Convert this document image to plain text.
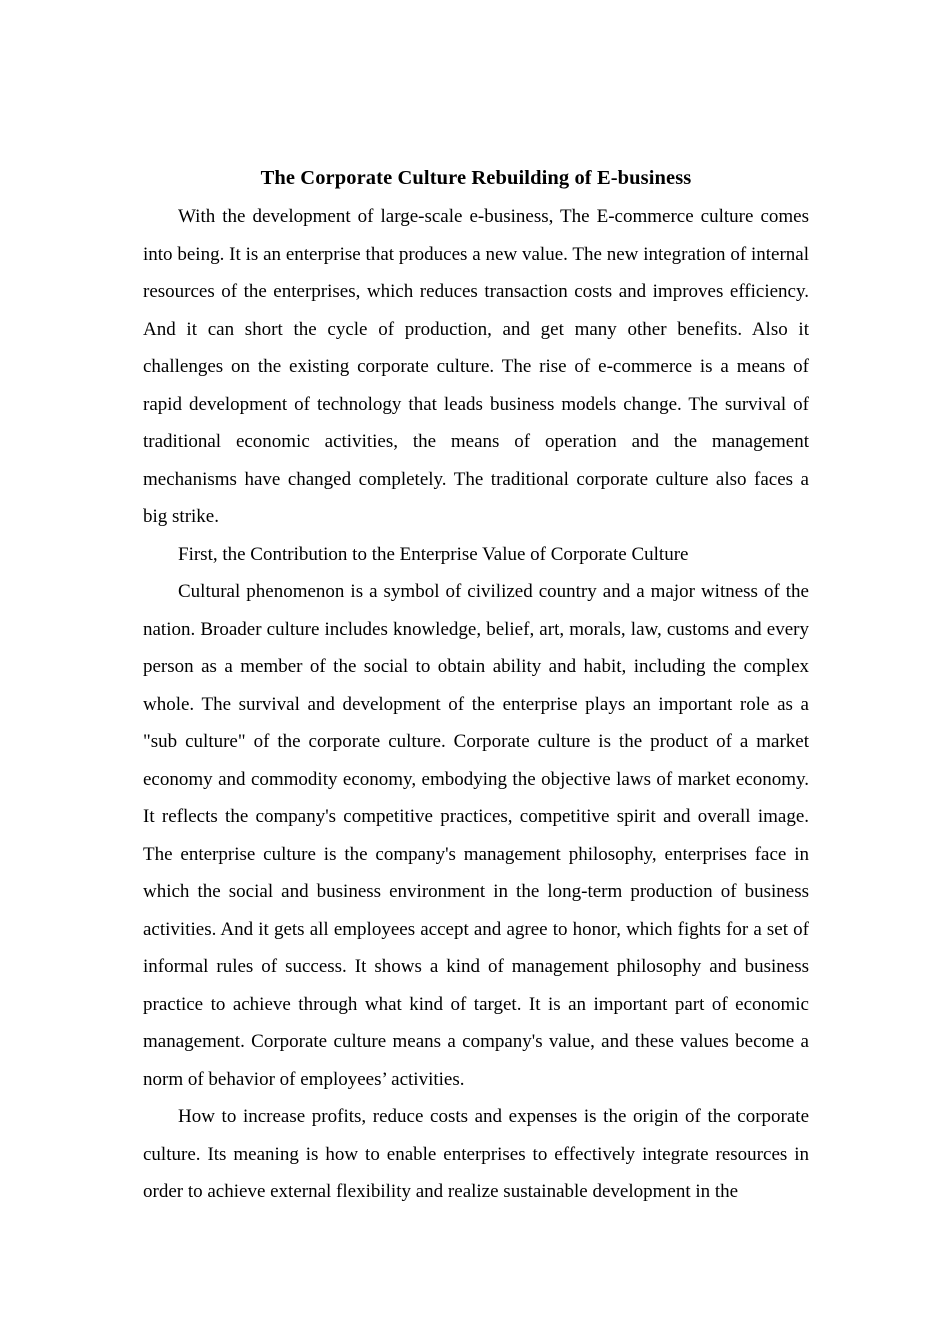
The Corporate Culture Rebuilding of E-business

With the development of large-scale e-business, The E-commerce culture comes into being. It is an enterprise that produces a new value. The new integration of internal resources of the enterprises, which reduces transaction costs and improves efficiency. And it can short the cycle of production, and get many other benefits. Also it challenges on the existing corporate culture. The rise of e-commerce is a means of rapid development of technology that leads business models change. The survival of traditional economic activities, the means of operation and the management mechanisms have changed completely. The traditional corporate culture also faces a big strike.

First, the Contribution to the Enterprise Value of Corporate Culture

Cultural phenomenon is a symbol of civilized country and a major witness of the nation. Broader culture includes knowledge, belief, art, morals, law, customs and every person as a member of the social to obtain ability and habit, including the complex whole. The survival and development of the enterprise plays an important role as a "sub culture" of the corporate culture. Corporate culture is the product of a market economy and commodity economy, embodying the objective laws of market economy. It reflects the company's competitive practices, competitive spirit and overall image. The enterprise culture is the company's management philosophy, enterprises face in which the social and business environment in the long-term production of business activities. And it gets all employees accept and agree to honor, which fights for a set of informal rules of success. It shows a kind of management philosophy and business practice to achieve through what kind of target. It is an important part of economic management. Corporate culture means a company's value, and these values become a norm of behavior of employees’ activities.

How to increase profits, reduce costs and expenses is the origin of the corporate culture. Its meaning is how to enable enterprises to effectively integrate resources in order to achieve external flexibility and realize sustainable development in the
